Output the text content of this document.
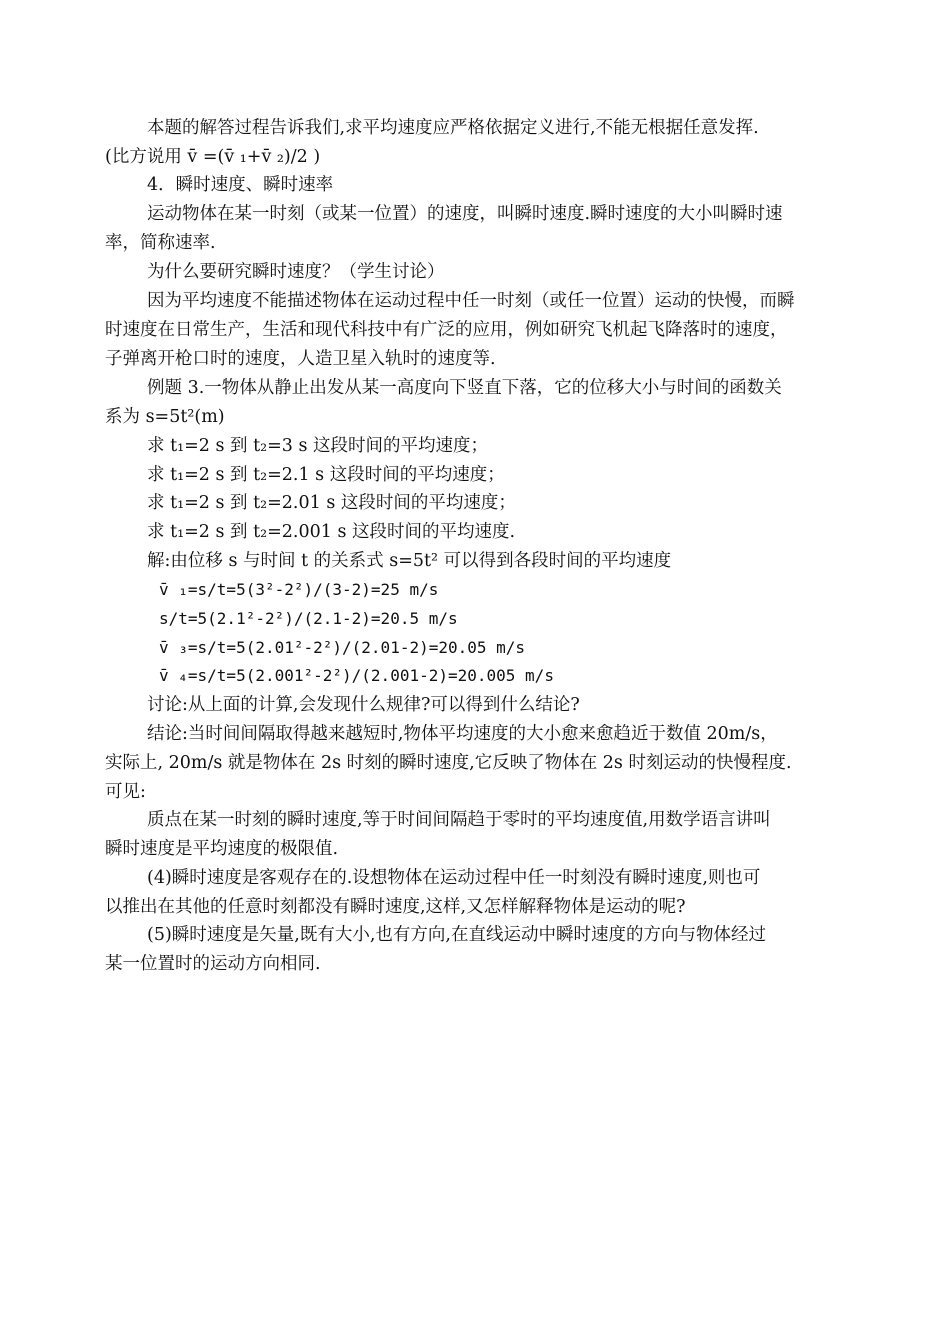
本题的解答过程告诉我们,求平均速度应严格依据定义进行,不能无根据任意发挥.
(比方说用 v̄ =(v̄ ₁+v̄ ₂)/2 )
4．瞬时速度、瞬时速率
运动物体在某一时刻（或某一位置）的速度，叫瞬时速度.瞬时速度的大小叫瞬时速
率，简称速率.
为什么要研究瞬时速度？（学生讨论）
因为平均速度不能描述物体在运动过程中任一时刻（或任一位置）运动的快慢，而瞬
时速度在日常生产，生活和现代科技中有广泛的应用，例如研究飞机起飞降落时的速度，
子弹离开枪口时的速度，人造卫星入轨时的速度等.
例题 3.一物体从静止出发从某一高度向下竖直下落，它的位移大小与时间的函数关
系为 s=5t²(m)
求 t₁=2 s 到 t₂=3 s 这段时间的平均速度；
求 t₁=2 s 到 t₂=2.1 s 这段时间的平均速度；
求 t₁=2 s 到 t₂=2.01 s 这段时间的平均速度；
求 t₁=2 s 到 t₂=2.001 s 这段时间的平均速度.
解:由位移 s 与时间 t 的关系式 s=5t² 可以得到各段时间的平均速度
v̄ ₁=s/t=5(3²-2²)/(3-2)=25 m/s
s/t=5(2.1²-2²)/(2.1-2)=20.5 m/s
v̄ ₃=s/t=5(2.01²-2²)/(2.01-2)=20.05 m/s
v̄ ₄=s/t=5(2.001²-2²)/(2.001-2)=20.005 m/s
讨论:从上面的计算,会发现什么规律?可以得到什么结论?
结论:当时间间隔取得越来越短时,物体平均速度的大小愈来愈趋近于数值 20m/s，
实际上, 20m/s 就是物体在 2s 时刻的瞬时速度,它反映了物体在 2s 时刻运动的快慢程度.
可见:
质点在某一时刻的瞬时速度,等于时间间隔趋于零时的平均速度值,用数学语言讲叫
瞬时速度是平均速度的极限值.
(4)瞬时速度是客观存在的.设想物体在运动过程中任一时刻没有瞬时速度,则也可
以推出在其他的任意时刻都没有瞬时速度,这样,又怎样解释物体是运动的呢?
(5)瞬时速度是矢量,既有大小,也有方向,在直线运动中瞬时速度的方向与物体经过
某一位置时的运动方向相同.
